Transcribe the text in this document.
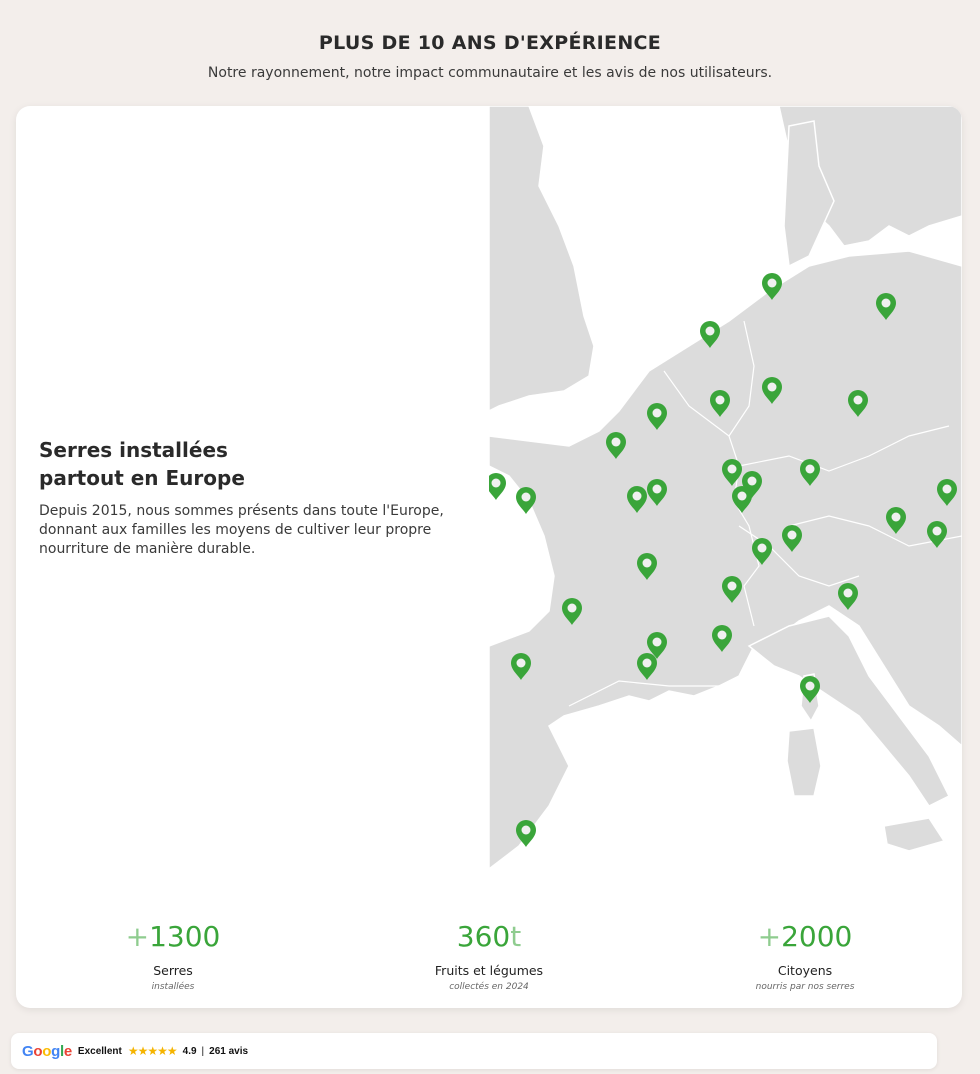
PLUS DE 10 ANS D'EXPÉRIENCE
Notre rayonnement, notre impact communautaire et les avis de nos utilisateurs.
Serres installées
partout en Europe

Depuis 2015, nous sommes présents dans toute l'Europe, donnant aux familles les moyens de cultiver leur propre nourriture de manière durable.

+1300
Serres
installées
360t
Fruits et légumes
collectés en 2024
+2000
Citoyens
nourris par nos serres
Google Excellent ★★★★★ 4.9 | 261 avis
